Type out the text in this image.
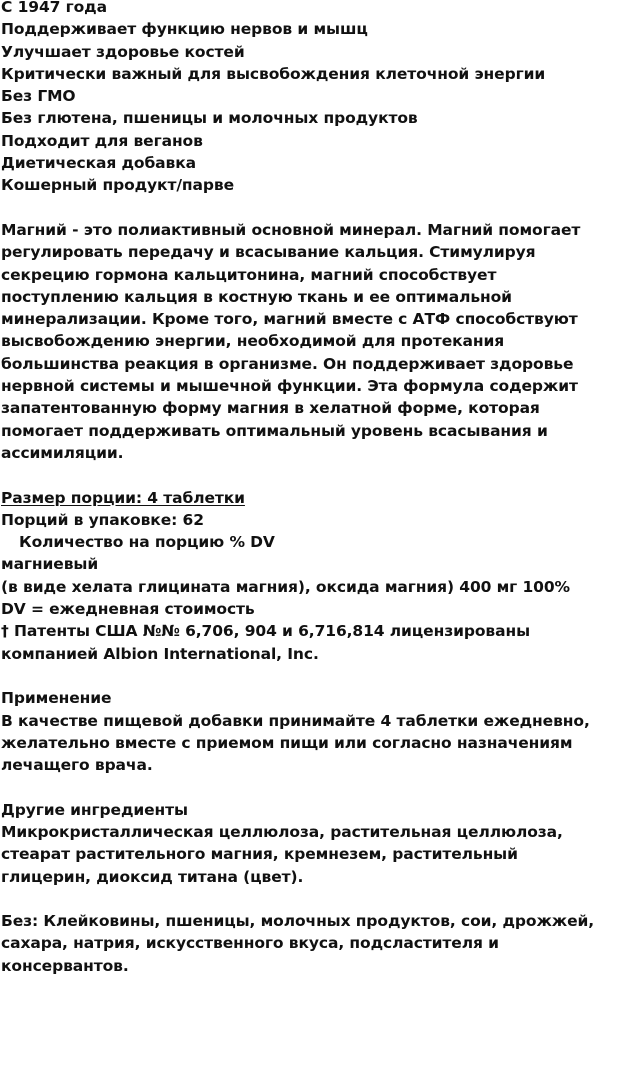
С 1947 года
Поддерживает функцию нервов и мышц
Улучшает здоровье костей
Критически важный для высвобождения клеточной энергии
Без ГМО
Без глютена, пшеницы и молочных продуктов
Подходит для веганов
Диетическая добавка
Кошерный продукт/парве
Магний - это полиактивный основной минерал. Магний помогает
регулировать передачу и всасывание кальция. Стимулируя
секрецию гормона кальцитонина, магний способствует
поступлению кальция в костную ткань и ее оптимальной
минерализации. Кроме того, магний вместе с АТФ способствуют
высвобождению энергии, необходимой для протекания
большинства реакция в организме. Он поддерживает здоровье
нервной системы и мышечной функции. Эта формула содержит
запатентованную форму магния в хелатной форме, которая
помогает поддерживать оптимальный уровень всасывания и
ассимиляции.
Размер порции: 4 таблетки
Порций в упаковке: 62
Количество на порцию % DV
магниевый
(в виде хелата глицината магния), оксида магния) 400 мг 100%
DV = ежедневная стоимость
† Патенты США №№ 6,706, 904 и 6,716,814 лицензированы
компанией Albion International, Inc.
Применение
В качестве пищевой добавки принимайте 4 таблетки ежедневно,
желательно вместе с приемом пищи или согласно назначениям
лечащего врача.
Другие ингредиенты
Микрокристаллическая целлюлоза, растительная целлюлоза,
стеарат растительного магния, кремнезем, растительный
глицерин, диоксид титана (цвет).
Без: Клейковины, пшеницы, молочных продуктов, сои, дрожжей,
сахара, натрия, искусственного вкуса, подсластителя и
консервантов.
